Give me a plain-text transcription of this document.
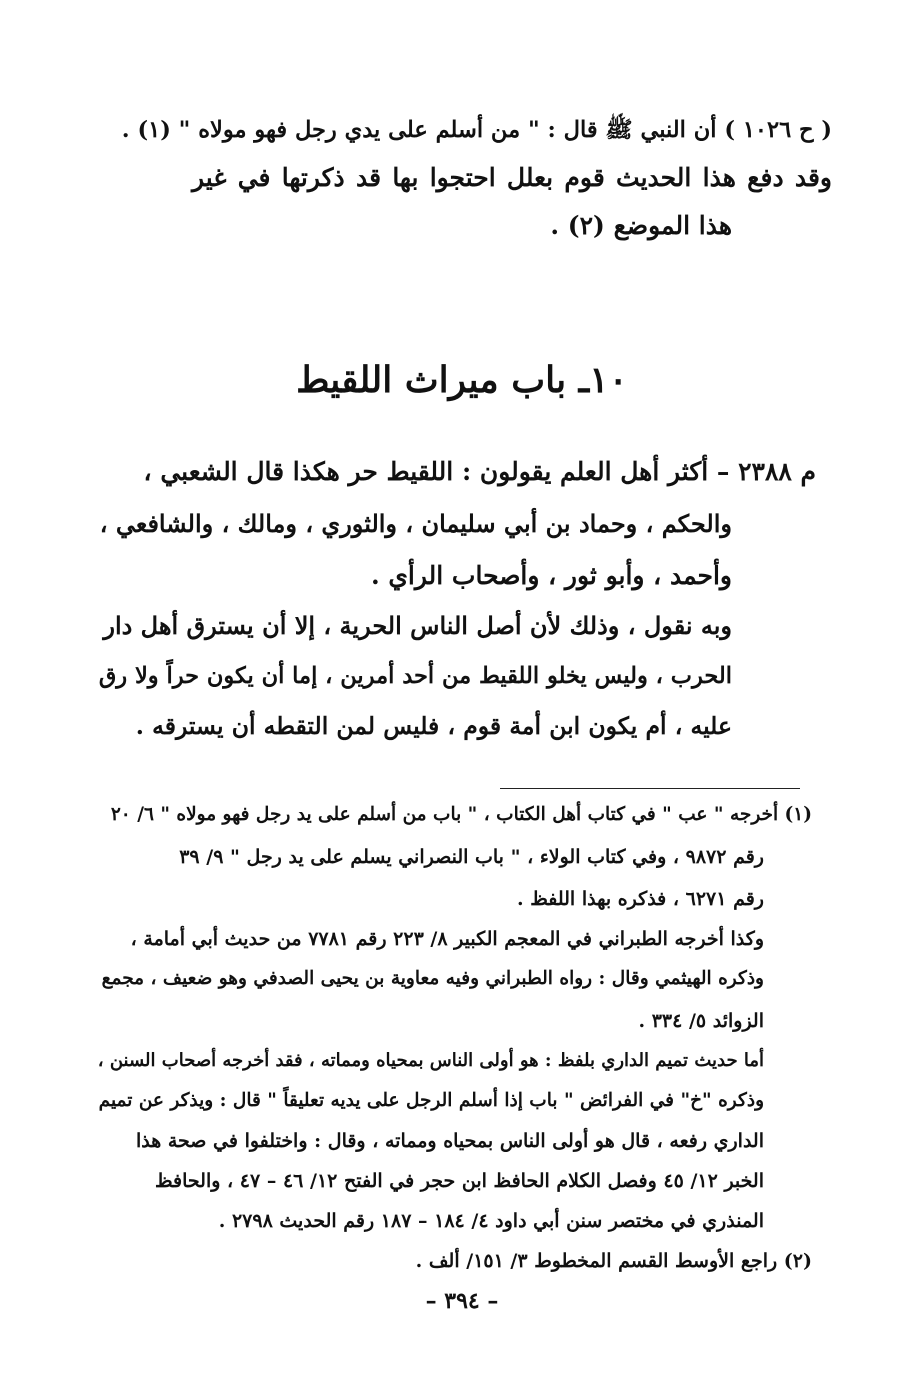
( ح ١٠٢٦ ) أن النبي ﷺ قال : " من أسلم على يدي رجل فهو مولاه " (١) .
وقد دفع هذا الحديث قوم بعلل احتجوا بها قد ذكرتها في غير
هذا الموضع (٢) .
١٠ـ باب ميراث اللقيط
م ٢٣٨٨ – أكثر أهل العلم يقولون : اللقيط حر هكذا قال الشعبي ،
والحكم ، وحماد بن أبي سليمان ، والثوري ، ومالك ، والشافعي ،
وأحمد ، وأبو ثور ، وأصحاب الرأي .
وبه نقول ، وذلك لأن أصل الناس الحرية ، إلا أن يسترق أهل دار
الحرب ، وليس يخلو اللقيط من أحد أمرين ، إما أن يكون حراً ولا رق
عليه ، أم يكون ابن أمة قوم ، فليس لمن التقطه أن يسترقه .
(١) أخرجه " عب " في كتاب أهل الكتاب ، " باب من أسلم على يد رجل فهو مولاه " ٦/ ٢٠
رقم ٩٨٧٢ ، وفي كتاب الولاء ، " باب النصراني يسلم على يد رجل " ٩/ ٣٩
رقم ٦٢٧١ ، فذكره بهذا اللفظ .
وكذا أخرجه الطبراني في المعجم الكبير ٨/ ٢٢٣ رقم ٧٧٨١ من حديث أبي أمامة ،
وذكره الهيثمي وقال : رواه الطبراني وفيه معاوية بن يحيى الصدفي وهو ضعيف ، مجمع
الزوائد ٥/ ٣٣٤ .
أما حديث تميم الداري بلفظ : هو أولى الناس بمحياه ومماته ، فقد أخرجه أصحاب السنن ،
وذكره "خ" في الفرائض " باب إذا أسلم الرجل على يديه تعليقاً " قال : ويذكر عن تميم
الداري رفعه ، قال هو أولى الناس بمحياه ومماته ، وقال : واختلفوا في صحة هذا
الخبر ١٢/ ٤٥ وفصل الكلام الحافظ ابن حجر في الفتح ١٢/ ٤٦ – ٤٧ ، والحافظ
المنذري في مختصر سنن أبي داود ٤/ ١٨٤ – ١٨٧ رقم الحديث ٢٧٩٨ .
(٢) راجع الأوسط القسم المخطوط ٣/ ١٥١/ ألف .
– ٣٩٤ –
